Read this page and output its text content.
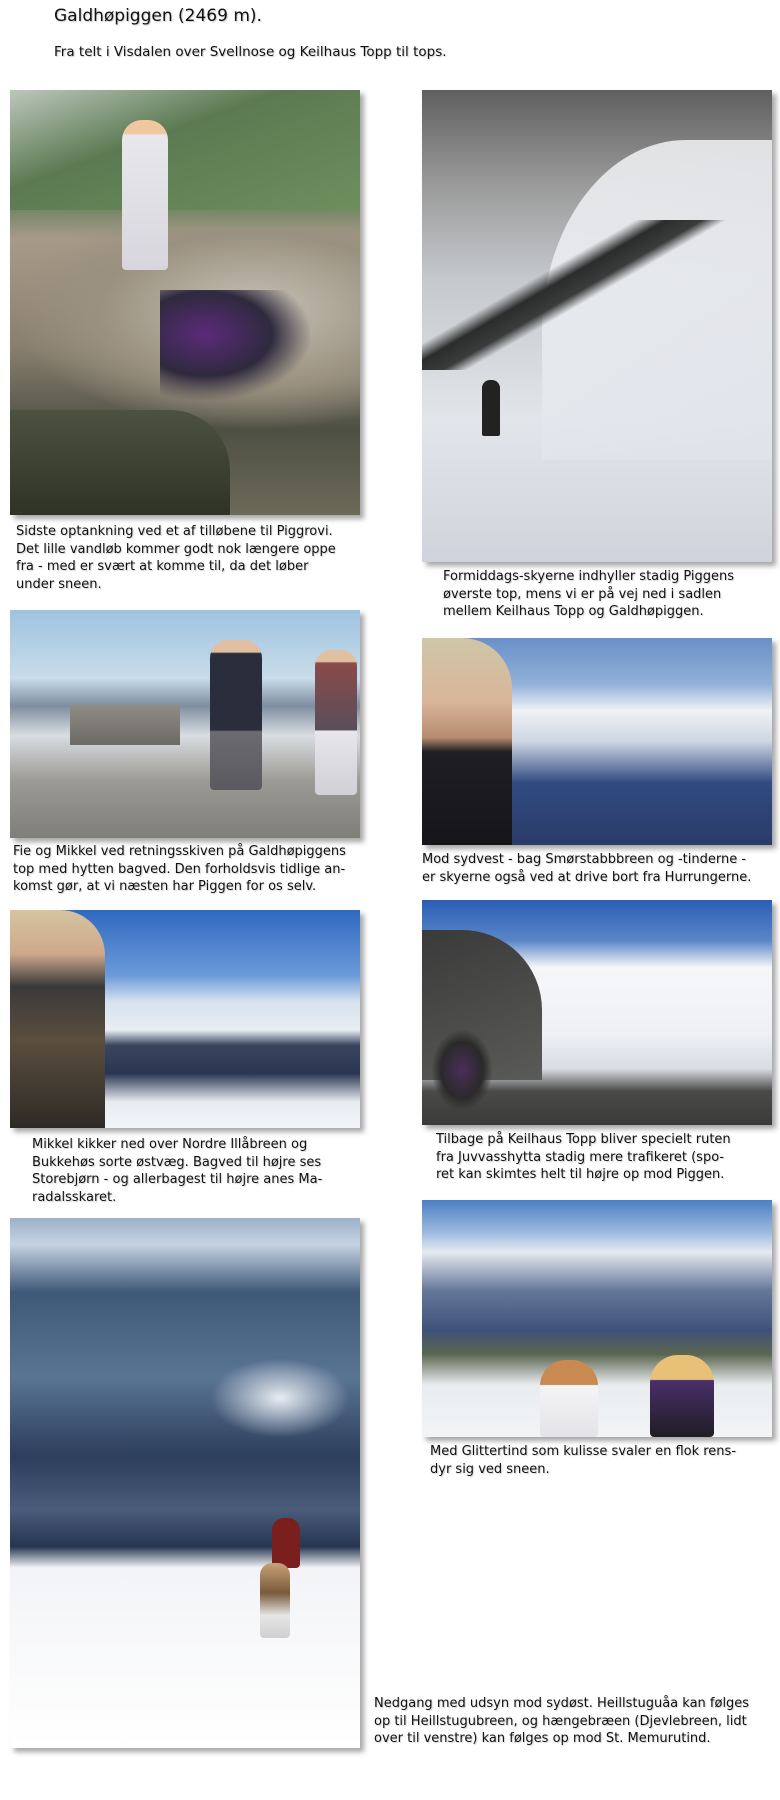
Galdhøpiggen (2469 m).
Fra telt i Visdalen over Svellnose og Keilhaus Topp til tops.
Sidste optankning ved et af tilløbene til Piggrovi.
Det lille vandløb kommer godt nok længere oppe
fra - med er svært at komme til, da det løber
under sneen.	Formiddags-skyerne indhyller stadig Piggens
øverste top, mens vi er på vej ned i sadlen
mellem Keilhaus Topp og Galdhøpiggen.
Fie og Mikkel ved retningsskiven på Galdhøpiggens
top med hytten bagved. Den forholdsvis tidlige an-
komst gør, at vi næsten har Piggen for os selv.
Mod sydvest - bag Smørstabbbreen og -tinderne -
er skyerne også ved at drive bort fra Hurrungerne.
Mikkel kikker ned over Nordre Illåbreen og
Bukkehøs sorte østvæg. Bagved til højre ses
Storebjørn - og allerbagest til højre anes Ma-
radalsskaret.
Tilbage på Keilhaus Topp bliver specielt ruten
fra Juvvasshytta stadig mere trafikeret (spo-
ret kan skimtes helt til højre op mod Piggen.
Med Glittertind som kulisse svaler en flok rens-
dyr sig ved sneen.
Nedgang med udsyn mod sydøst. Heillstuguåa kan følges
op til Heillstugubreen, og hængebræen (Djevlebreen, lidt
over til venstre) kan følges op mod St. Memurutind.
